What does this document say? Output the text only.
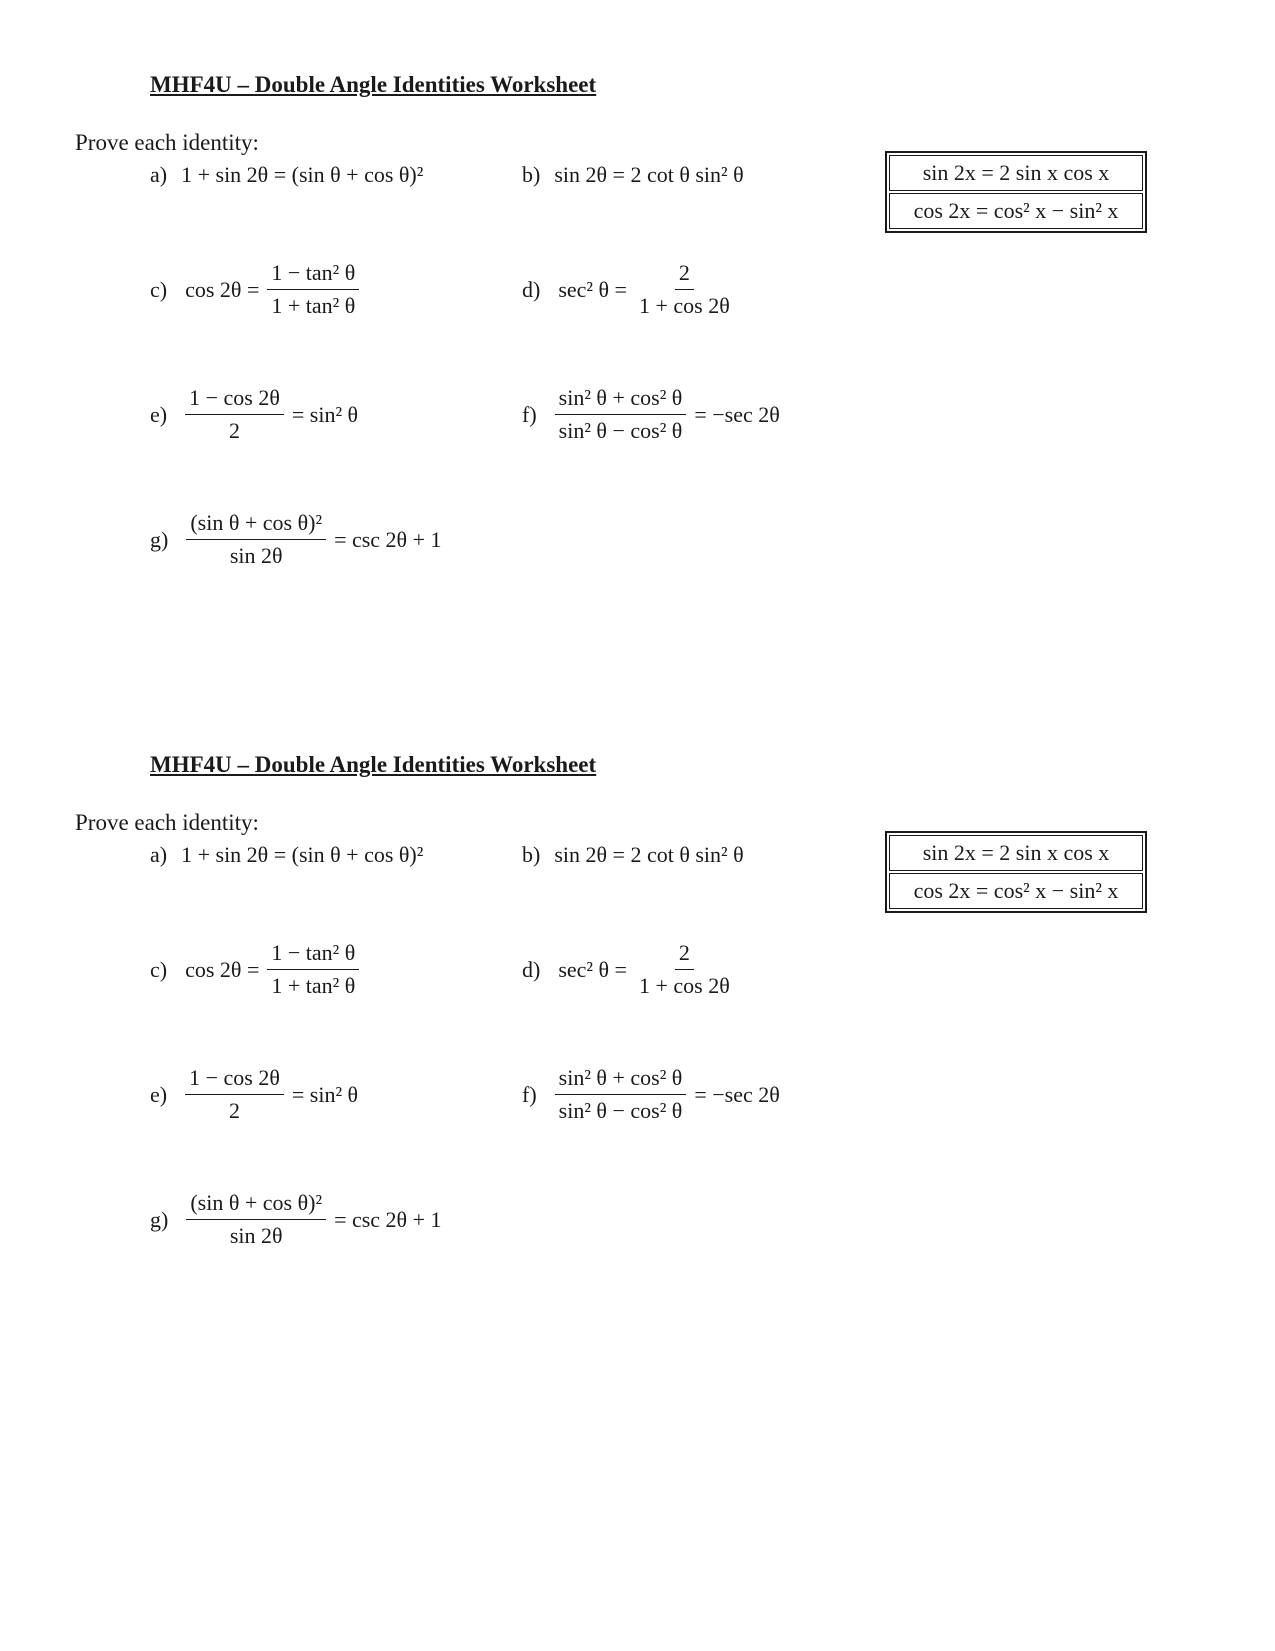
MHF4U – Double Angle Identities Worksheet
Prove each identity:
sin 2x = 2 sin x cos x
cos 2x = cos² x − sin² x
a) 1 + sin 2θ = (sin θ + cos θ)²	b) sin 2θ = 2 cot θ sin² θ
c) $\cos 2\theta = \frac{\text{1 − tan² θ}}{\text{1 + tan² θ}}$	d) sec² $\theta = \frac{2}{1 + \cos 2\theta}$
$e) \frac{1 - \cos 2\theta}{2} = \sin^2$ θ	$f) \frac{\text{sin² θ + cos² θ}}{\text{sin² θ − cos² θ}} = -\sec$ 2θ
$g) \frac{\text{(sin θ + cos θ)²}}{\sin 2\theta} = \csc 2\theta + 1$
MHF4U – Double Angle Identities Worksheet
Prove each identity:
sin 2x = 2 sin x cos x
cos 2x = cos² x − sin² x
a) 1 + sin 2θ = (sin θ + cos θ)²	b) sin 2θ = 2 cot θ sin² θ
c) $\cos 2\theta = \frac{\text{1 − tan² θ}}{\text{1 + tan² θ}}$	d) sec² $\theta = \frac{2}{1 + \cos 2\theta}$
$e) \frac{1 - \cos 2\theta}{2} = \sin^2$ θ	$f) \frac{\text{sin² θ + cos² θ}}{\text{sin² θ − cos² θ}} = -\sec$ 2θ
$g) \frac{\text{(sin θ + cos θ)²}}{\sin 2\theta} = \csc 2\theta + 1$
